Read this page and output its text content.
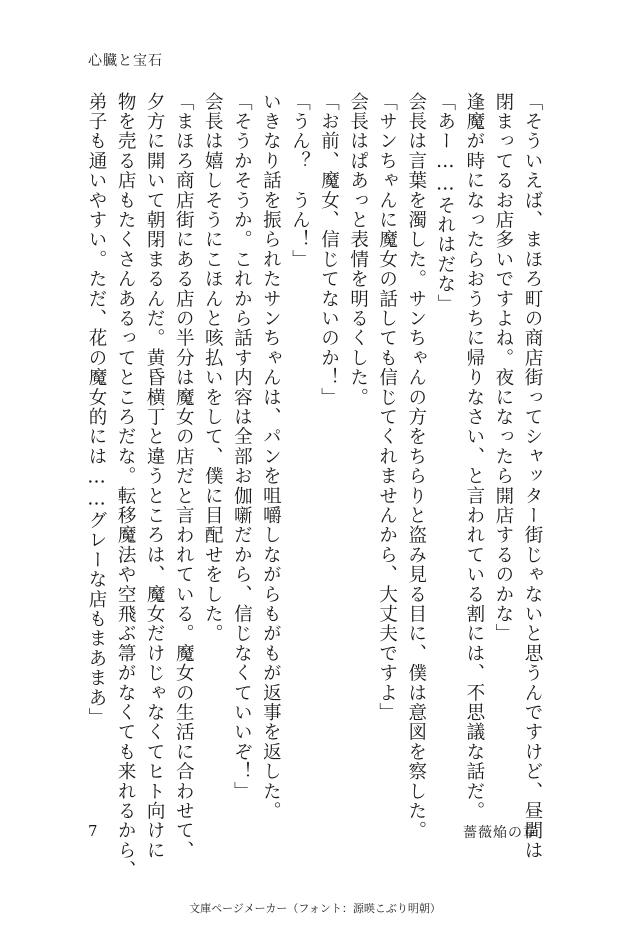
心臓と宝石
「そういえば、まほろ町の商店街ってシャッター街じゃないと思うんですけど、昼間は
閉まってるお店多いですよね。夜になったら開店するのかな」
逢魔が時になったらおうちに帰りなさい、と言われている割には、不思議な話だ。
「あー……それはだな」
会長は言葉を濁した。サンちゃんの方をちらりと盗み見る目に、僕は意図を察した。
「サンちゃんに魔女の話しても信じてくれませんから、大丈夫ですよ」
会長はぱあっと表情を明るくした。
「お前、魔女、信じてないのか！」
「うん？　うん！」
いきなり話を振られたサンちゃんは、パンを咀嚼しながらもがもが返事を返した。
「そうかそうか。これから話す内容は全部お伽噺だから、信じなくていいぞ！」
会長は嬉しそうにこほんと咳払いをして、僕に目配せをした。
「まほろ商店街にある店の半分は魔女の店だと言われている。魔女の生活に合わせて、
夕方に開いて朝閉まるんだ。黄昏横丁と違うところは、魔女だけじゃなくてヒト向けに
物を売る店もたくさんあるってところだな。転移魔法や空飛ぶ箒がなくても来れるから、
弟子も通いやすい。ただ、花の魔女的には……グレーな店もまあまあ」
7	薔薇焔の章
文庫ページメーカー（フォント：源暎こぶり明朝）
